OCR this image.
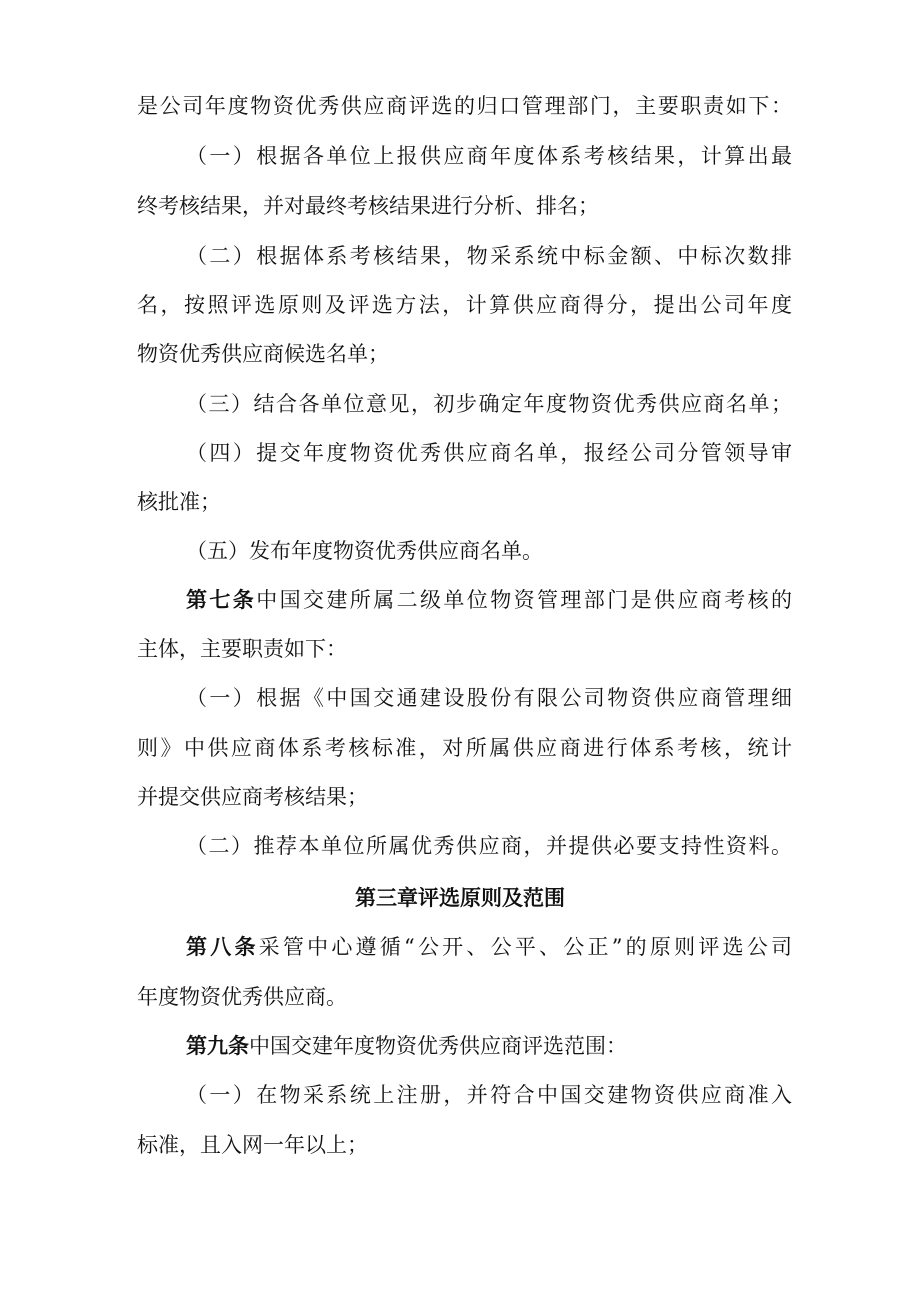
是公司年度物资优秀供应商评选的归口管理部门，主要职责如下：
（一）根据各单位上报供应商年度体系考核结果，计算出最
终考核结果，并对最终考核结果进行分析、排名；
（二）根据体系考核结果，物采系统中标金额、中标次数排
名，按照评选原则及评选方法，计算供应商得分，提出公司年度
物资优秀供应商候选名单；
（三）结合各单位意见，初步确定年度物资优秀供应商名单；
（四）提交年度物资优秀供应商名单，报经公司分管领导审
核批准；
（五）发布年度物资优秀供应商名单。
第七条中国交建所属二级单位物资管理部门是供应商考核的
主体，主要职责如下：
（一）根据《中国交通建设股份有限公司物资供应商管理细
则》中供应商体系考核标准，对所属供应商进行体系考核，统计
并提交供应商考核结果；
（二）推荐本单位所属优秀供应商，并提供必要支持性资料。
第三章评选原则及范围
第八条采管中心遵循“公开、公平、公正”的原则评选公司
年度物资优秀供应商。
第九条中国交建年度物资优秀供应商评选范围：
（一）在物采系统上注册，并符合中国交建物资供应商准入
标准，且入网一年以上；
